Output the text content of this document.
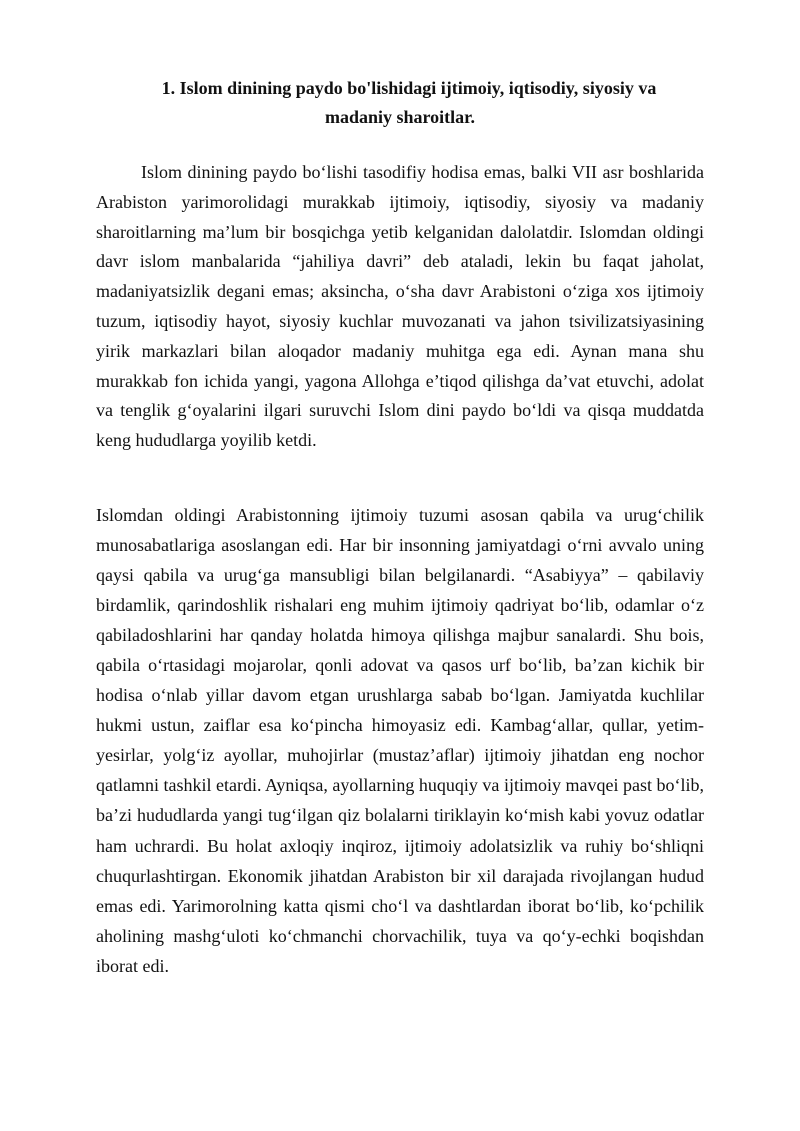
1. Islom dinining paydo bo'lishidagi ijtimoiy, iqtisodiy, siyosiy va
madaniy sharoitlar.

Islom dinining paydo bo‘lishi tasodifiy hodisa emas, balki VII asr boshlarida Arabiston yarimorolidagi murakkab ijtimoiy, iqtisodiy, siyosiy va madaniy sharoitlarning ma’lum bir bosqichga yetib kelganidan dalolatdir. Islomdan oldingi davr islom manbalarida “jahiliya davri” deb ataladi, lekin bu faqat jaholat, madaniyatsizlik degani emas; aksincha, o‘sha davr Arabistoni o‘ziga xos ijtimoiy tuzum, iqtisodiy hayot, siyosiy kuchlar muvozanati va jahon tsivilizatsiyasining yirik markazlari bilan aloqador madaniy muhitga ega edi. Aynan mana shu murakkab fon ichida yangi, yagona Allohga e’tiqod qilishga da’vat etuvchi, adolat va tenglik g‘oyalarini ilgari suruvchi Islom dini paydo bo‘ldi va qisqa muddatda keng hududlarga yoyilib ketdi.

Islomdan oldingi Arabistonning ijtimoiy tuzumi asosan qabila va urug‘chilik munosabatlariga asoslangan edi. Har bir insonning jamiyatdagi o‘rni avvalo uning qaysi qabila va urug‘ga mansubligi bilan belgilanardi. “Asabiyya” – qabilaviy birdamlik, qarindoshlik rishalari eng muhim ijtimoiy qadriyat bo‘lib, odamlar o‘z qabiladoshlarini har qanday holatda himoya qilishga majbur sanalardi. Shu bois, qabila o‘rtasidagi mojarolar, qonli adovat va qasos urf bo‘lib, ba’zan kichik bir hodisa o‘nlab yillar davom etgan urushlarga sabab bo‘lgan. Jamiyatda kuchlilar hukmi ustun, zaiflar esa ko‘pincha himoyasiz edi. Kambag‘allar, qullar, yetim-yesirlar, yolg‘iz ayollar, muhojirlar (mustaz’aflar) ijtimoiy jihatdan eng nochor qatlamni tashkil etardi. Ayniqsa, ayollarning huquqiy va ijtimoiy mavqei past bo‘lib, ba’zi hududlarda yangi tug‘ilgan qiz bolalarni tiriklayin ko‘mish kabi yovuz odatlar ham uchrardi. Bu holat axloqiy inqiroz, ijtimoiy adolatsizlik va ruhiy bo‘shliqni chuqurlashtirgan. Ekonomik jihatdan Arabiston bir xil darajada rivojlangan hudud emas edi. Yarimorolning katta qismi cho‘l va dashtlardan iborat bo‘lib, ko‘pchilik aholining mashg‘uloti ko‘chmanchi chorvachilik, tuya va qo‘y-echki boqishdan iborat edi.
